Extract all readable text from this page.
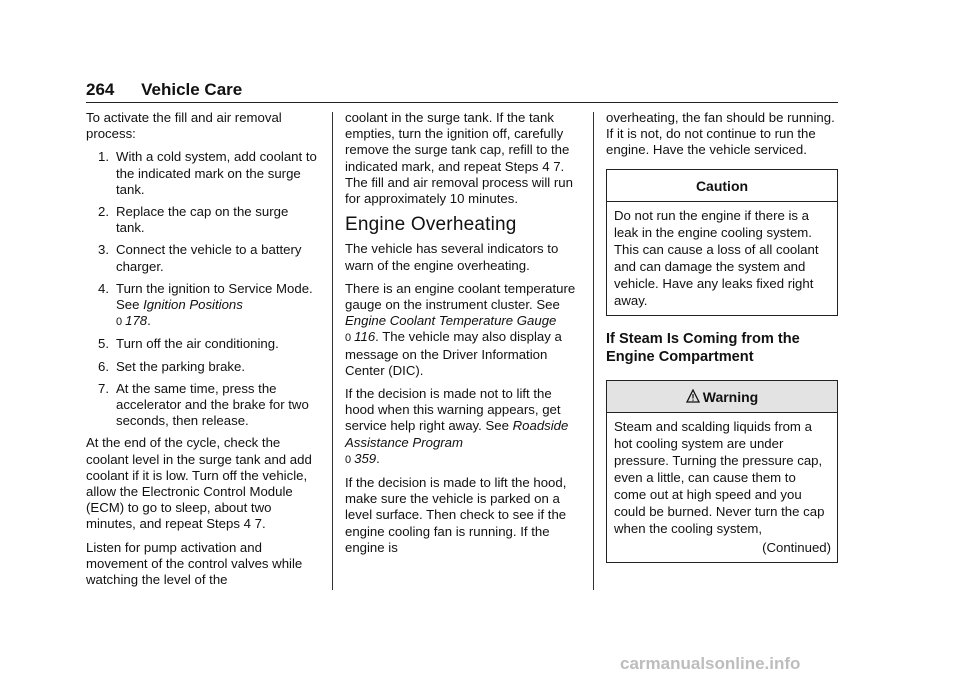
264 Vehicle Care

To activate the fill and air removal process:

1. With a cold system, add coolant to the indicated mark on the surge tank.
2. Replace the cap on the surge tank.
3. Connect the vehicle to a battery charger.
4. Turn the ignition to Service Mode. See Ignition Positions
0 178.
5. Turn off the air conditioning.
6. Set the parking brake.
7. At the same time, press the accelerator and the brake for two seconds, then release.

At the end of the cycle, check the coolant level in the surge tank and add coolant if it is low. Turn off the vehicle, allow the Electronic Control Module (ECM) to go to sleep, about two minutes, and repeat Steps 4 7.

Listen for pump activation and movement of the control valves while watching the level of the

coolant in the surge tank. If the tank empties, turn the ignition off, carefully remove the surge tank cap, refill to the indicated mark, and repeat Steps 4 7. The fill and air removal process will run for approximately 10 minutes.

Engine Overheating

The vehicle has several indicators to warn of the engine overheating.

There is an engine coolant temperature gauge on the instrument cluster. See Engine Coolant Temperature Gauge 0 116. The vehicle may also display a message on the Driver Information Center (DIC).

If the decision is made not to lift the hood when this warning appears, get service help right away. See Roadside Assistance Program
0 359.

If the decision is made to lift the hood, make sure the vehicle is parked on a level surface. Then check to see if the engine cooling fan is running. If the engine is

overheating, the fan should be running. If it is not, do not continue to run the engine. Have the vehicle serviced.

Caution
Do not run the engine if there is a leak in the engine cooling system. This can cause a loss of all coolant and can damage the system and vehicle. Have any leaks fixed right away.
If Steam Is Coming from the Engine Compartment
Warning
Steam and scalding liquids from a hot cooling system are under pressure. Turning the pressure cap, even a little, can cause them to come out at high speed and you could be burned. Never turn the cap when the cooling system,
(Continued)
carmanualsonline.info
